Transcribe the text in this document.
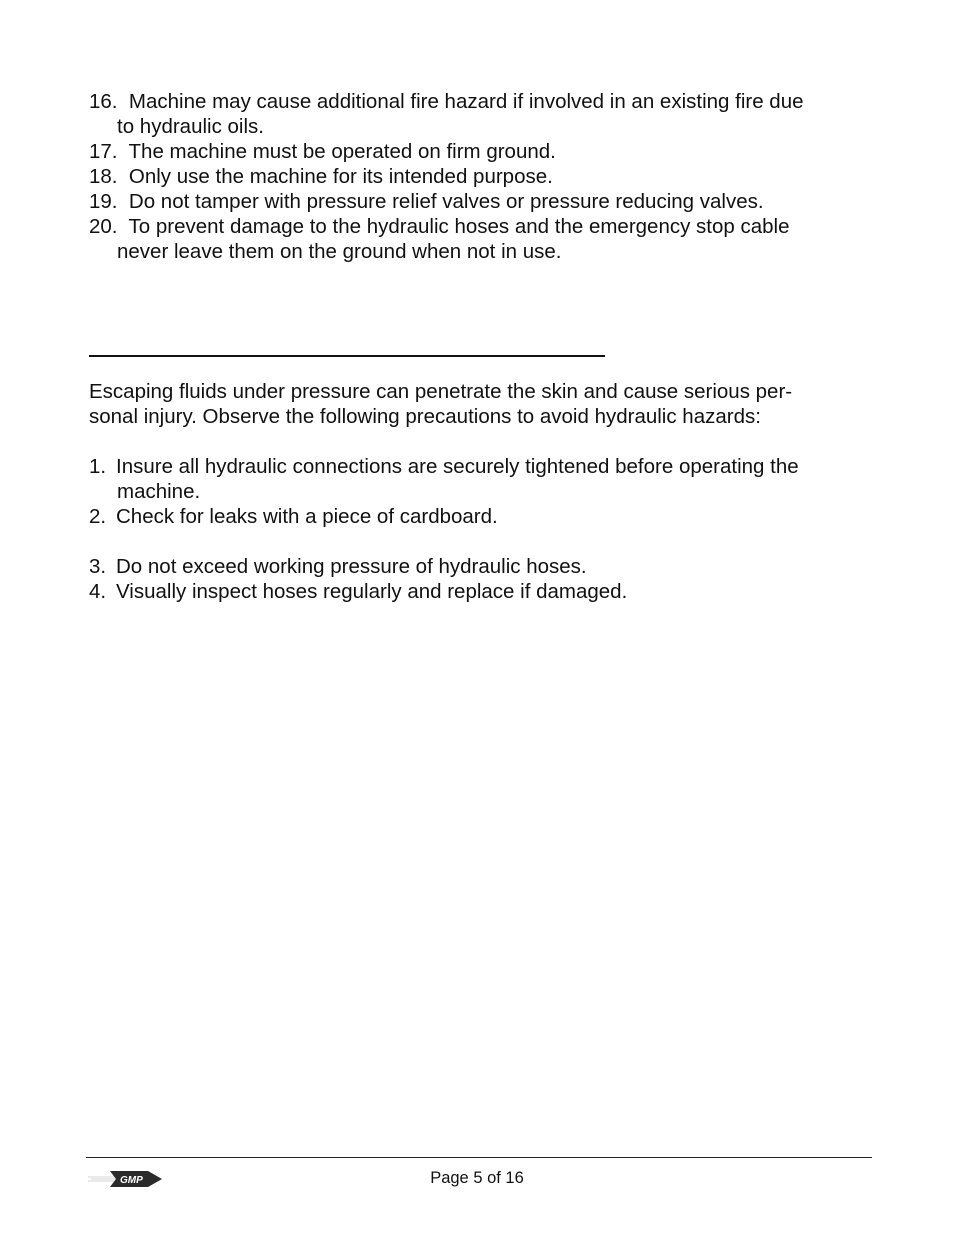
16. Machine may cause additional fire hazard if involved in an existing fire due
to hydraulic oils.
17. The machine must be operated on firm ground.
18. Only use the machine for its intended purpose.
19. Do not tamper with pressure relief valves or pressure reducing valves.
20. To prevent damage to the hydraulic hoses and the emergency stop cable
never leave them on the ground when not in use.
Escaping fluids under pressure can penetrate the skin and cause serious per-
sonal injury. Observe the following precautions to avoid hydraulic hazards:
1. Insure all hydraulic connections are securely tightened before operating the
machine.
2. Check for leaks with a piece of cardboard.
3. Do not exceed working pressure of hydraulic hoses.
4. Visually inspect hoses regularly and replace if damaged.
GMP	Page 5 of 16
